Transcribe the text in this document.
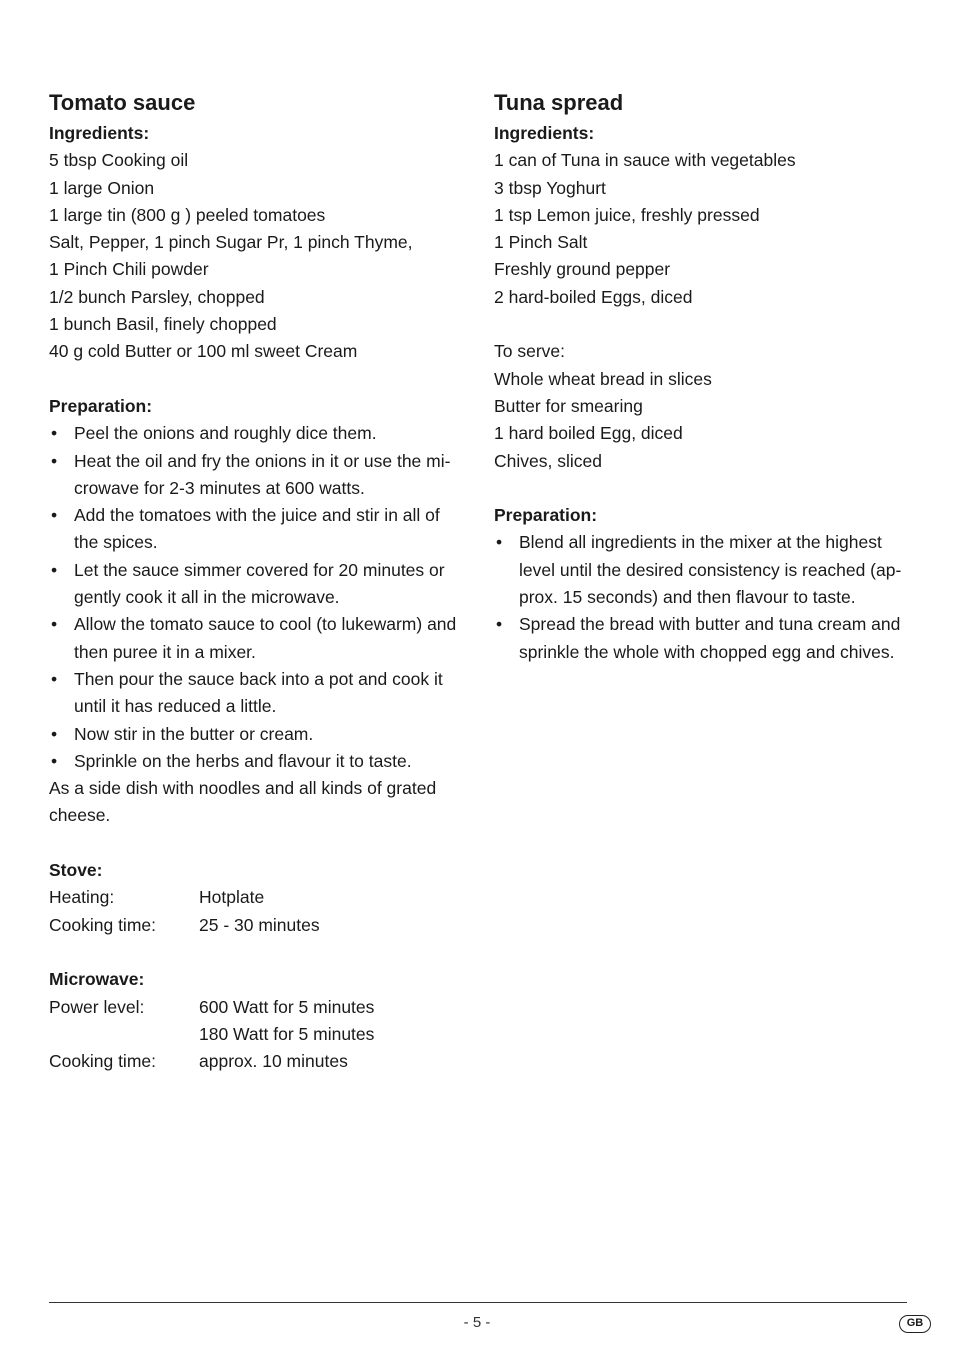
Tomato sauce

Ingredients:

5 tbsp Cooking oil

1 large Onion

1 large tin (800 g ) peeled tomatoes

Salt, Pepper, 1 pinch Sugar Pr, 1 pinch Thyme,

1 Pinch Chili powder

1/2 bunch Parsley, chopped

1 bunch Basil, finely chopped

40 g cold Butter or 100 ml sweet Cream

Preparation:

• Peel the onions and roughly dice them.
• Heat the oil and fry the onions in it or use the mi-crowave for 2-3 minutes at 600 watts.
• Add the tomatoes with the juice and stir in all of the spices.
• Let the sauce simmer covered for 20 minutes or gently cook it all in the microwave.
• Allow the tomato sauce to cool (to lukewarm) and then puree it in a mixer.
• Then pour the sauce back into a pot and cook it until it has reduced a little.
• Now stir in the butter or cream.
• Sprinkle on the herbs and flavour it to taste.

As a side dish with noodles and all kinds of grated cheese.

Stove:

Heating:	Hotplate
Cooking time:	25 - 30 minutes

Microwave:

Power level:	600 Watt for 5 minutes
180 Watt for 5 minutes
Cooking time:	approx. 10 minutes
Tuna spread

Ingredients:

1 can of Tuna in sauce with vegetables

3 tbsp Yoghurt

1 tsp Lemon juice, freshly pressed

1 Pinch Salt

Freshly ground pepper

2 hard-boiled Eggs, diced

To serve:

Whole wheat bread in slices

Butter for smearing

1 hard boiled Egg, diced

Chives, sliced

Preparation:

• Blend all ingredients in the mixer at the highest level until the desired consistency is reached (ap-prox. 15 seconds) and then flavour to taste.
• Spread the bread with butter and tuna cream and sprinkle the whole with chopped egg and chives.
- 5 -	GB
